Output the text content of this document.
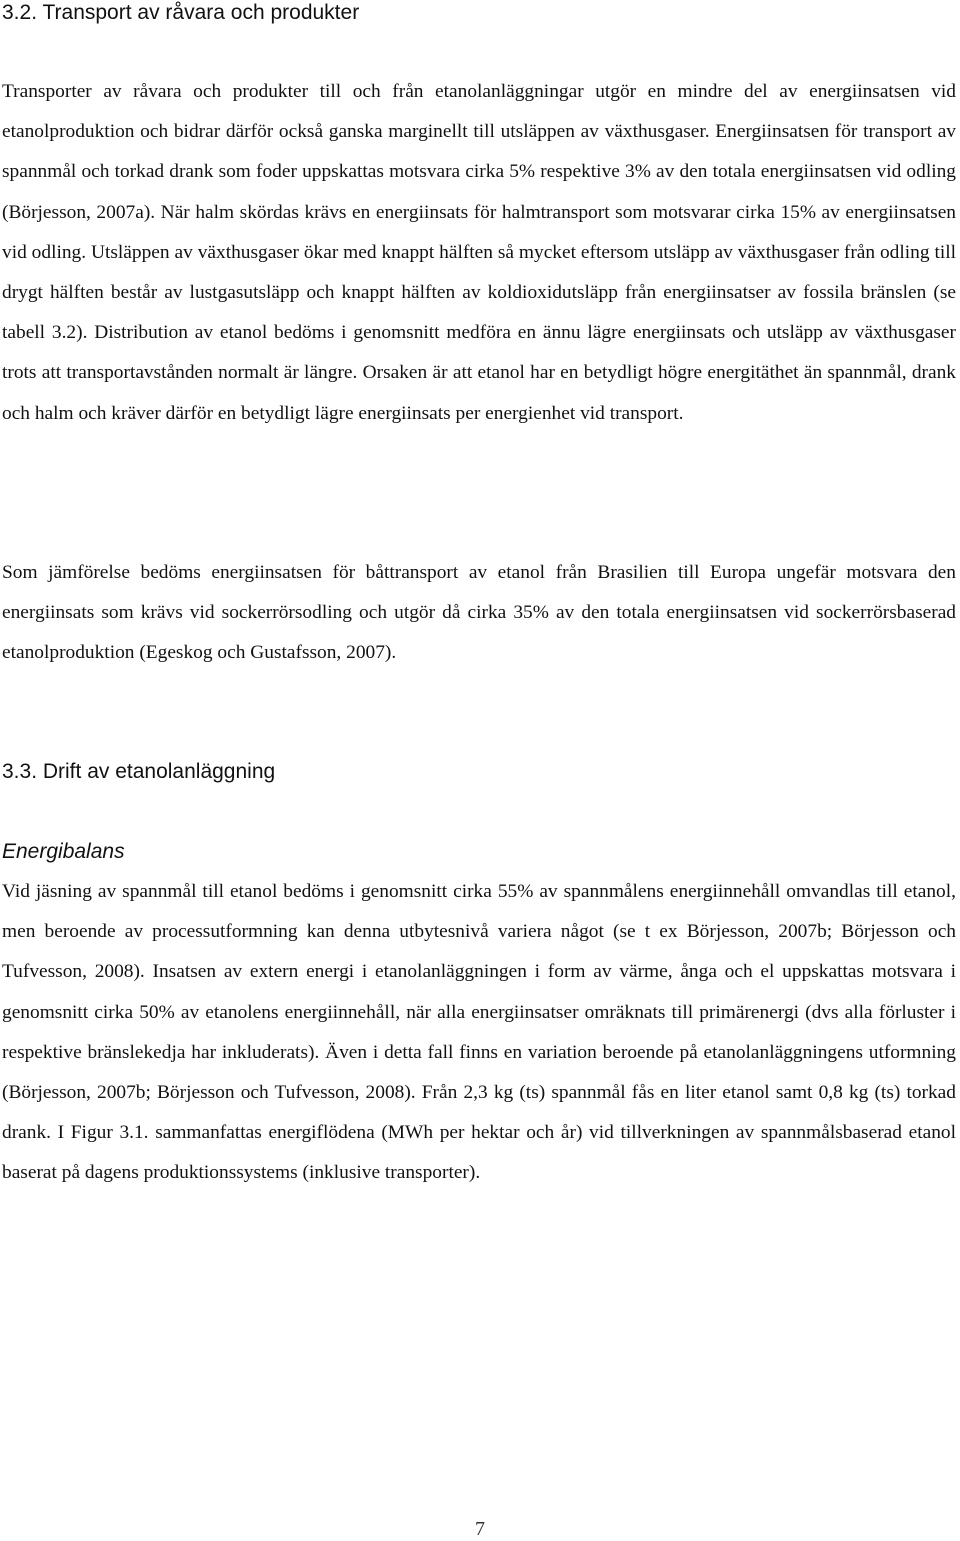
3.2. Transport av råvara och produkter

Transporter av råvara och produkter till och från etanolanläggningar utgör en mindre del av energiinsatsen vid etanolproduktion och bidrar därför också ganska marginellt till utsläppen av växthusgaser. Energiinsatsen för transport av spannmål och torkad drank som foder uppskattas motsvara cirka 5% respektive 3% av den totala energiinsatsen vid odling (Börjesson, 2007a). När halm skördas krävs en energiinsats för halmtransport som motsvarar cirka 15% av energiinsatsen vid odling. Utsläppen av växthusgaser ökar med knappt hälften så mycket eftersom utsläpp av växthusgaser från odling till drygt hälften består av lustgasutsläpp och knappt hälften av koldioxidutsläpp från energiinsatser av fossila bränslen (se tabell 3.2). Distribution av etanol bedöms i genomsnitt medföra en ännu lägre energiinsats och utsläpp av växthusgaser trots att transportavstånden normalt är längre. Orsaken är att etanol har en betydligt högre energitäthet än spannmål, drank och halm och kräver därför en betydligt lägre energiinsats per energienhet vid transport.

Som jämförelse bedöms energiinsatsen för båttransport av etanol från Brasilien till Europa ungefär motsvara den energiinsats som krävs vid sockerrörsodling och utgör då cirka 35% av den totala energiinsatsen vid sockerrörsbaserad etanolproduktion (Egeskog och Gustafsson, 2007).

3.3. Drift av etanolanläggning
Energibalans

Vid jäsning av spannmål till etanol bedöms i genomsnitt cirka 55% av spannmålens energiinnehåll omvandlas till etanol, men beroende av processutformning kan denna utbytesnivå variera något (se t ex Börjesson, 2007b; Börjesson och Tufvesson, 2008). Insatsen av extern energi i etanolanläggningen i form av värme, ånga och el uppskattas motsvara i genomsnitt cirka 50% av etanolens energiinnehåll, när alla energiinsatser omräknats till primärenergi (dvs alla förluster i respektive bränslekedja har inkluderats). Även i detta fall finns en variation beroende på etanolanläggningens utformning (Börjesson, 2007b; Börjesson och Tufvesson, 2008). Från 2,3 kg (ts) spannmål fås en liter etanol samt 0,8 kg (ts) torkad drank. I Figur 3.1. sammanfattas energiflödena (MWh per hektar och år) vid tillverkningen av spannmålsbaserad etanol baserat på dagens produktionssystems (inklusive transporter).

7
